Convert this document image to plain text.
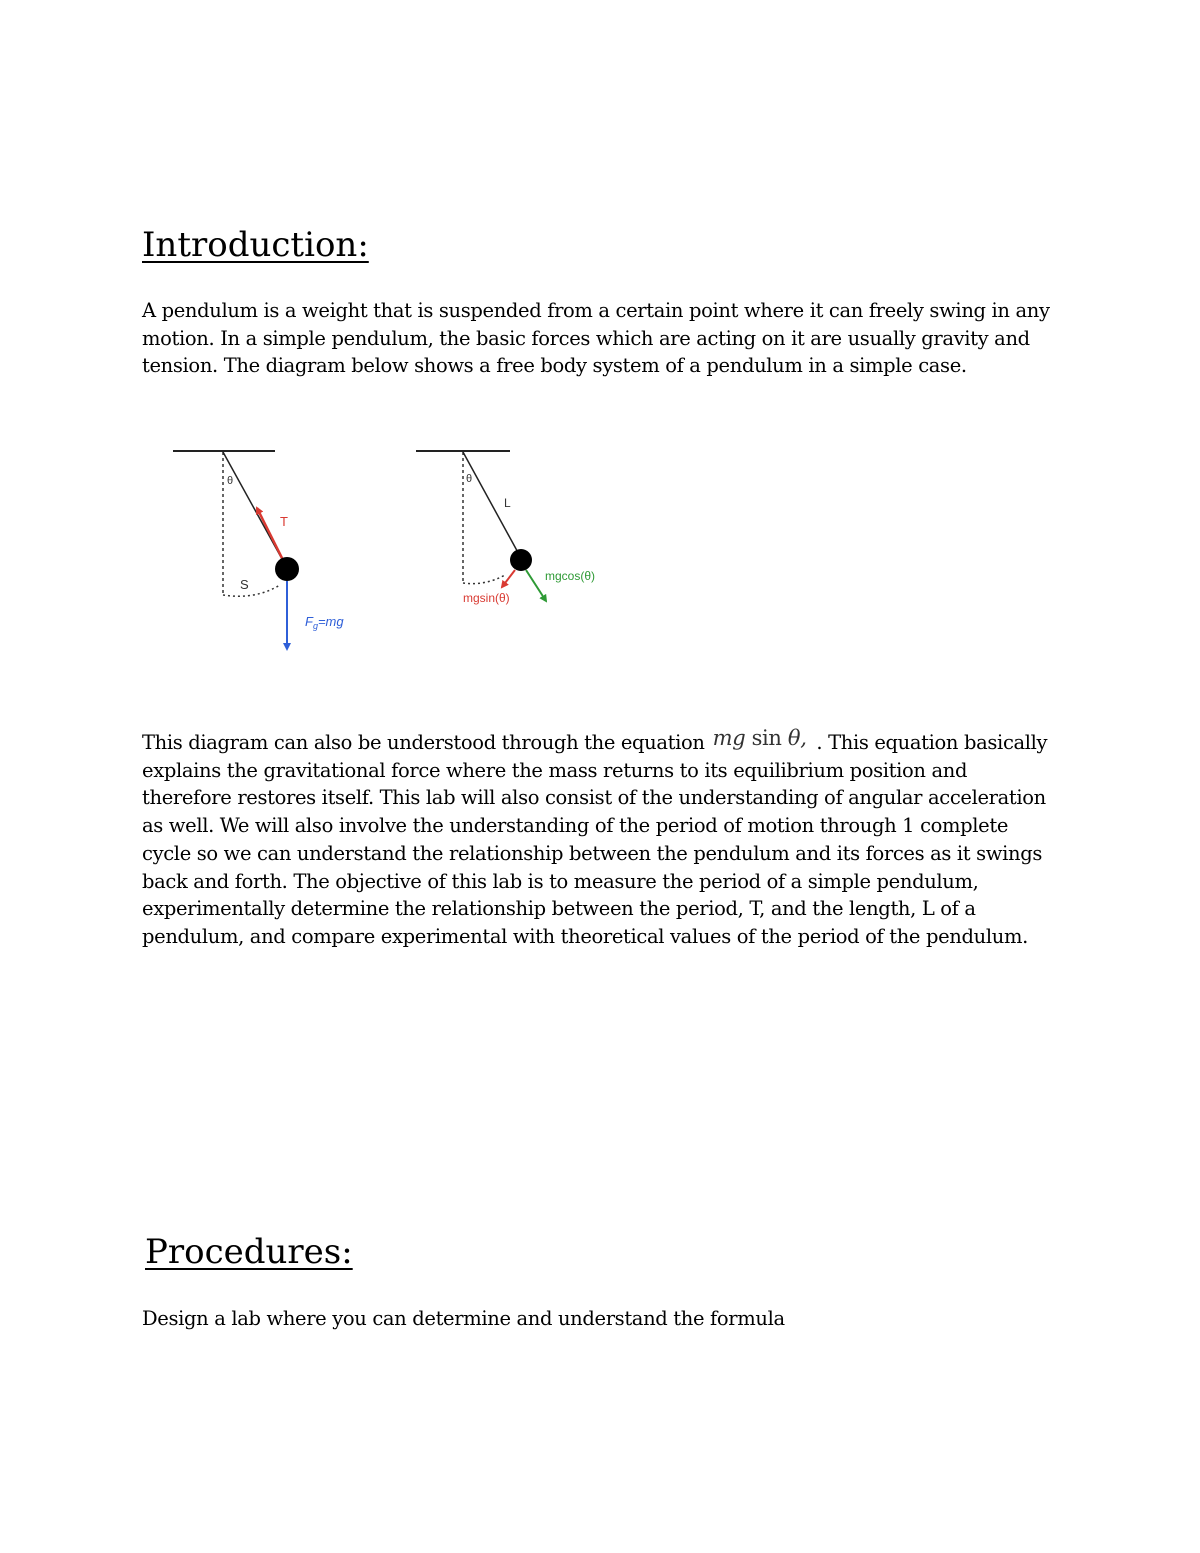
Introduction:

A pendulum is a weight that is suspended from a certain point where it can freely swing in any motion. In a simple pendulum, the basic forces which are acting on it are usually gravity and tension. The diagram below shows a free body system of a pendulum in a simple case.

θ
T
S
$F_g=mg$
θ
L
mgsin(θ)
mgcos(θ)

This diagram can also be understood through the equation mg sin θ, . This equation basically explains the gravitational force where the mass returns to its equilibrium position and therefore restores itself. This lab will also consist of the understanding of angular acceleration as well. We will also involve the understanding of the period of motion through 1 complete cycle so we can understand the relationship between the pendulum and its forces as it swings back and forth. The objective of this lab is to measure the period of a simple pendulum, experimentally determine the relationship between the period, T, and the length, L of a pendulum, and compare experimental with theoretical values of the period of the pendulum.

Procedures:

Design a lab where you can determine and understand the formula
